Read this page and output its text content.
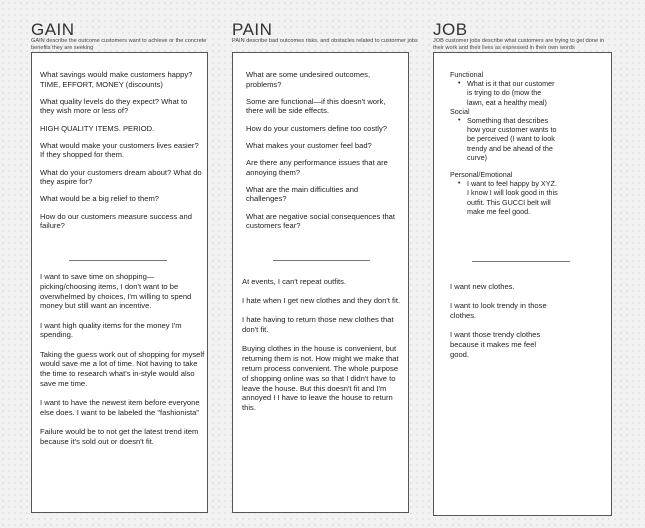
GAIN
GAIN describe the outcome customers want to achieve or the concrete benefits they are seeking

What savings would make customers happy? TIME, EFFORT, MONEY (discounts)

What quality levels do they expect? What to they wish more or less of?

HIGH QUALITY ITEMS. PERIOD.

What would make your customers lives easier? If they shopped for them.

What do your customers dream about? What do they aspire for?

What would be a big relief to them?

How do our customers measure success and failure?

I want to save time on shopping—picking/choosing items, I don't want to be overwhelmed by choices, I'm willing to spend money but still want an incentive.

I want high quality items for the money I'm spending.

Taking the guess work out of shopping for myself would save me a lot of time. Not having to take the time to research what's in-style would also save me time.

I want to have the newest item before everyone else does. I want to be labeled the "fashionista"

Failure would be to not get the latest trend item because it's sold out or doesn't fit.

PAIN
PAIN describe bad outcomes risks, and obstacles related to custormer jobs

What are some undesired outcomes, problems?

Some are functional—if this doesn't work, there will be side effects.

How do your customers define too costly?

What makes your customer feel bad?

Are there any performance issues that are annoying them?

What are the main difficulties and challenges?

What are negative social consequences that customers fear?

At events, I can't repeat outfits.

I hate when I get new clothes and they don't fit.

I hate having to return those new clothes that don't fit.

Buying clothes in the house is convenient, but returning them is not. How might we make that return process convenient. The whole purpose of shopping online was so that I didn't have to leave the house. But this doesn't fit and I'm annoyed I I have to leave the house to return this.

JOB
JOB customer jobs describe what customers are trying to get done in their work and their lives as expressed in their own words
Functional
• What is it that our customer is trying to do (mow the lawn, eat a healthy meal)
Social
• Something that describes how your customer wants to be perceived (I want to look trendy and be ahead of the curve)
Personal/Emotional
• I want to feel happy by XYZ. I know I will look good in this outfit. This GUCCI belt will make me feel good.

I want new clothes.

I want to look trendy in those clothes.

I want those trendy clothes because it makes me feel good.
